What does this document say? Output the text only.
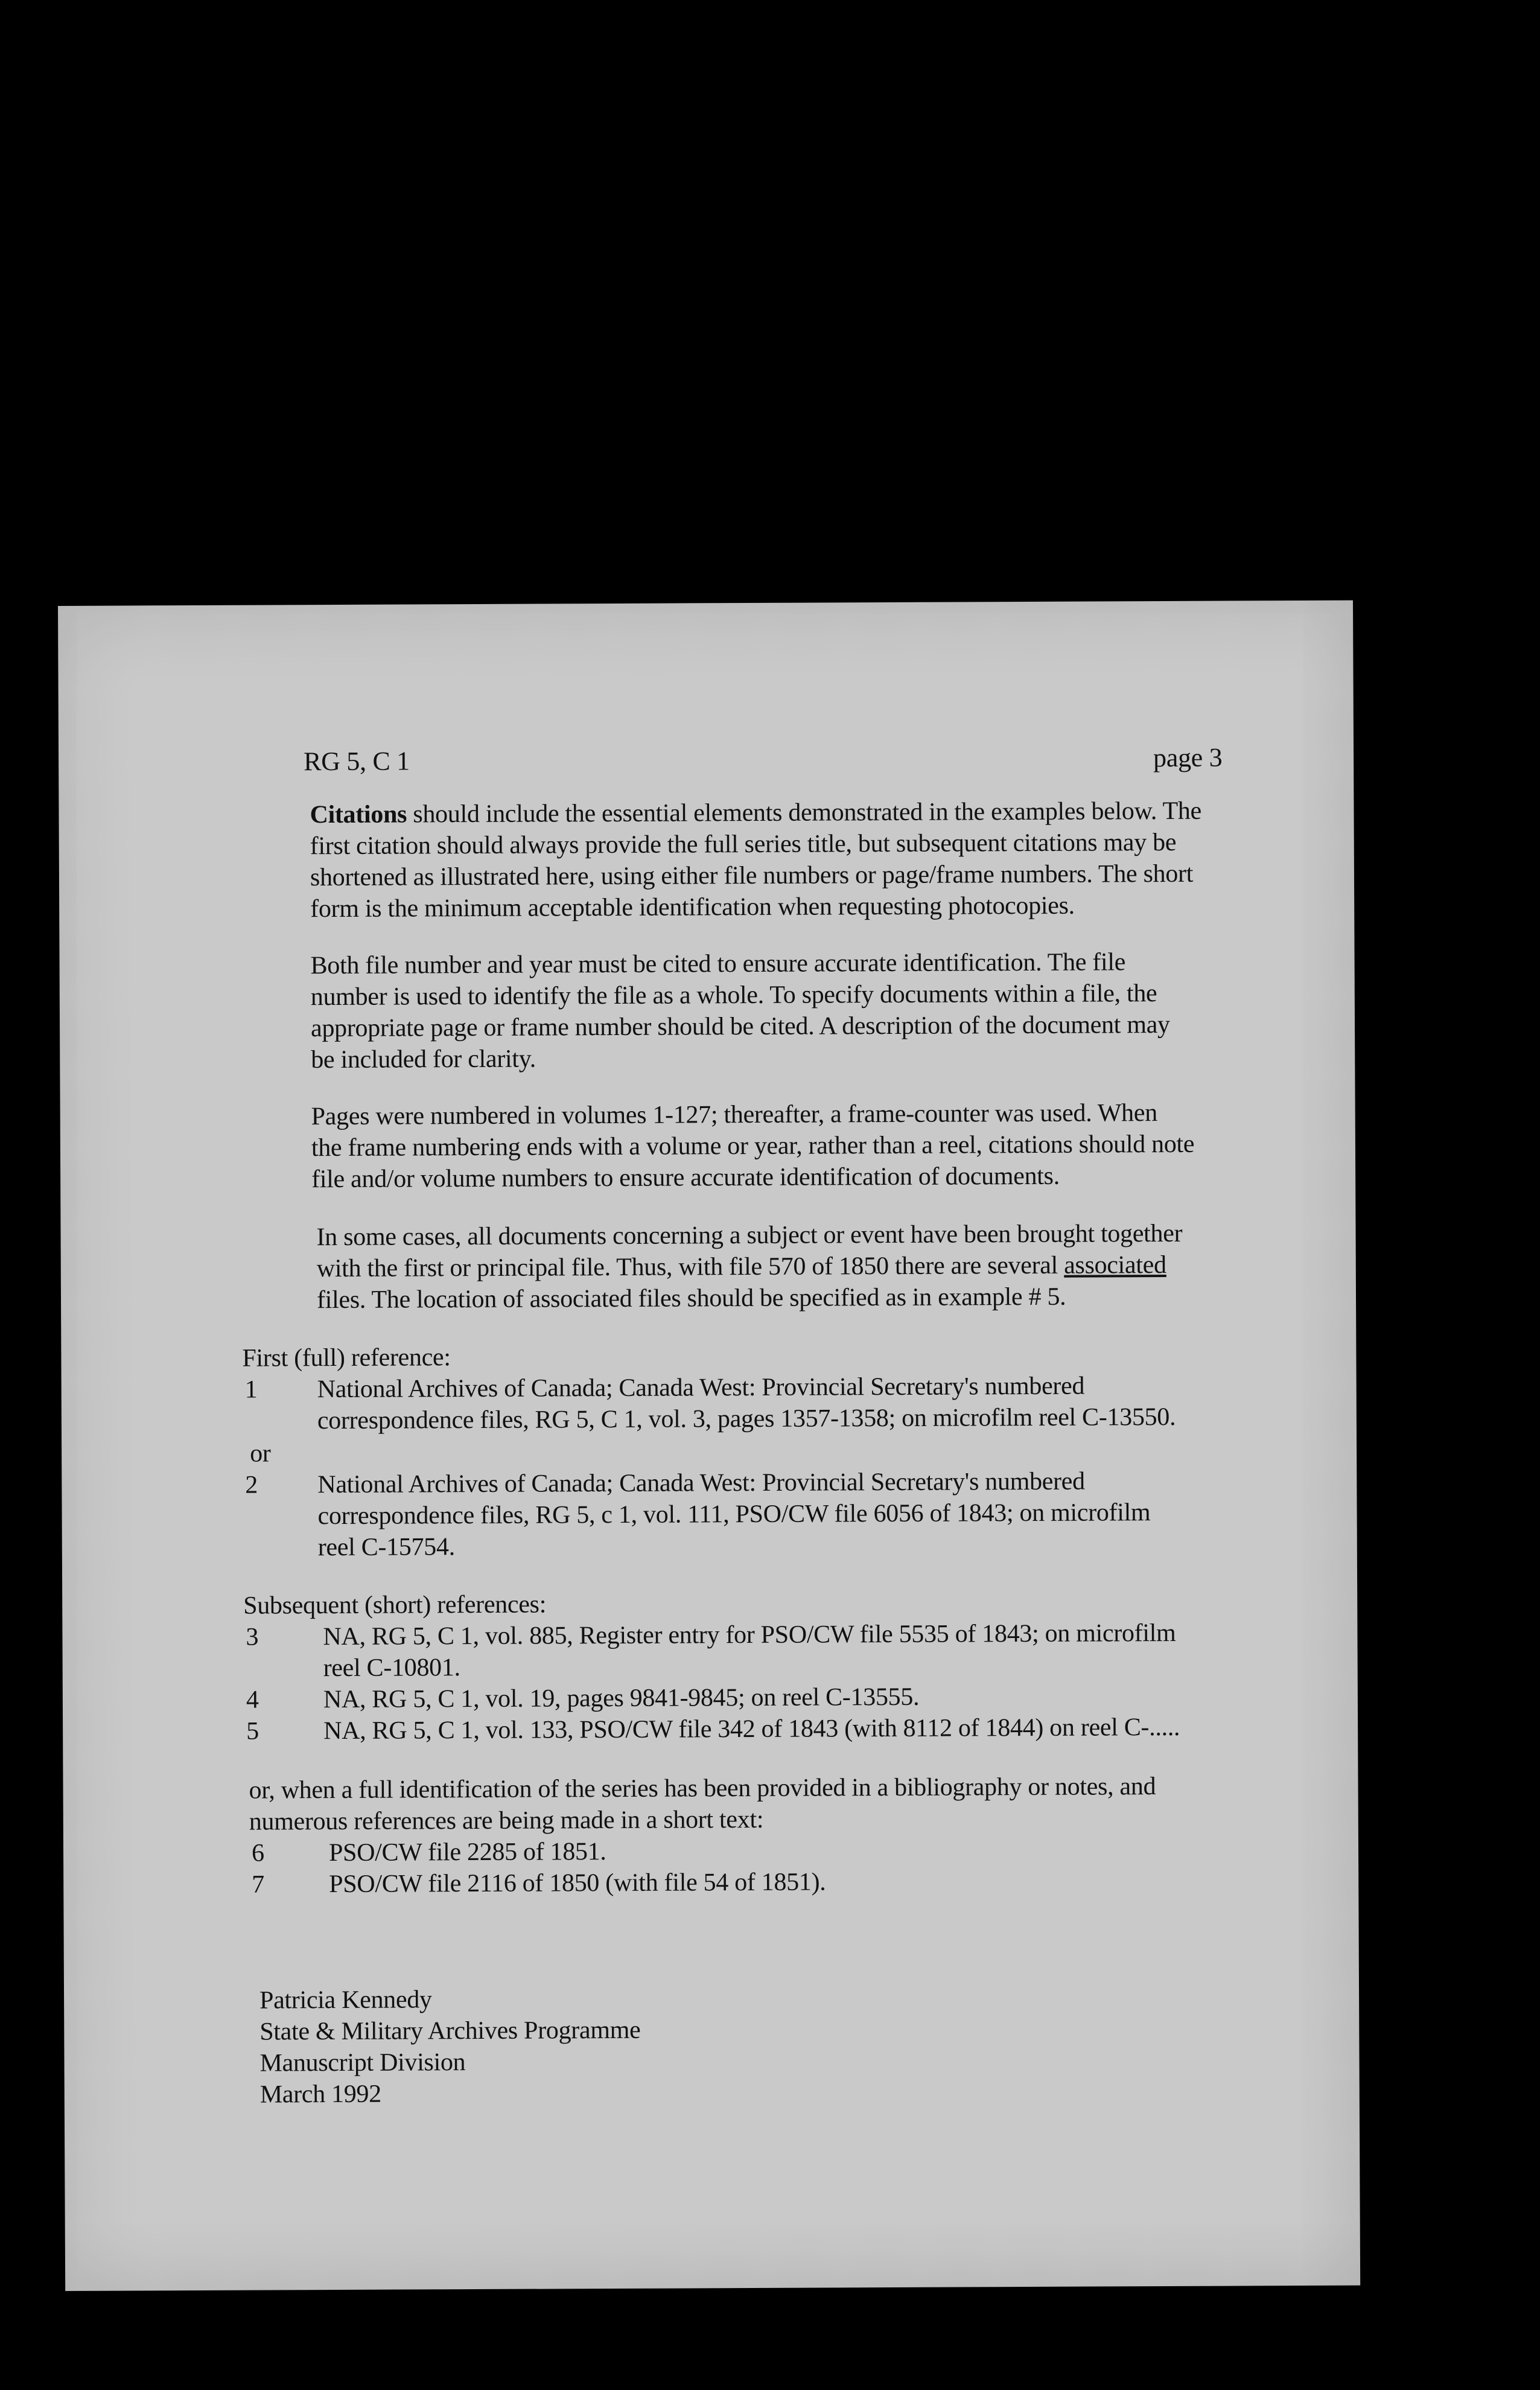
RG 5, C 1	page 3
Citations should include the essential elements demonstrated in the examples below. The
first citation should always provide the full series title, but subsequent citations may be
shortened as illustrated here, using either file numbers or page/frame numbers. The short
form is the minimum acceptable identification when requesting photocopies.
Both file number and year must be cited to ensure accurate identification. The file
number is used to identify the file as a whole. To specify documents within a file, the
appropriate page or frame number should be cited. A description of the document may
be included for clarity.
Pages were numbered in volumes 1-127; thereafter, a frame-counter was used. When
the frame numbering ends with a volume or year, rather than a reel, citations should note
file and/or volume numbers to ensure accurate identification of documents.
In some cases, all documents concerning a subject or event have been brought together
with the first or principal file. Thus, with file 570 of 1850 there are several associated
files. The location of associated files should be specified as in example # 5.
First (full) reference:
1 National Archives of Canada; Canada West: Provincial Secretary's numbered
correspondence files, RG 5, C 1, vol. 3, pages 1357-1358; on microfilm reel C-13550.
or
2 National Archives of Canada; Canada West: Provincial Secretary's numbered
correspondence files, RG 5, c 1, vol. 111, PSO/CW file 6056 of 1843; on microfilm
reel C-15754.
Subsequent (short) references:
3	NA, RG 5, C 1, vol. 885, Register entry for PSO/CW file 5535 of 1843; on microfilm
reel C-10801.
4	NA, RG 5, C 1, vol. 19, pages 9841-9845; on reel C-13555.
5	NA, RG 5, C 1, vol. 133, PSO/CW file 342 of 1843 (with 8112 of 1844) on reel C-.....
or, when a full identification of the series has been provided in a bibliography or notes, and
numerous references are being made in a short text:
6	PSO/CW file 2285 of 1851.
7	PSO/CW file 2116 of 1850 (with file 54 of 1851).
Patricia Kennedy
State & Military Archives Programme
Manuscript Division
March 1992
